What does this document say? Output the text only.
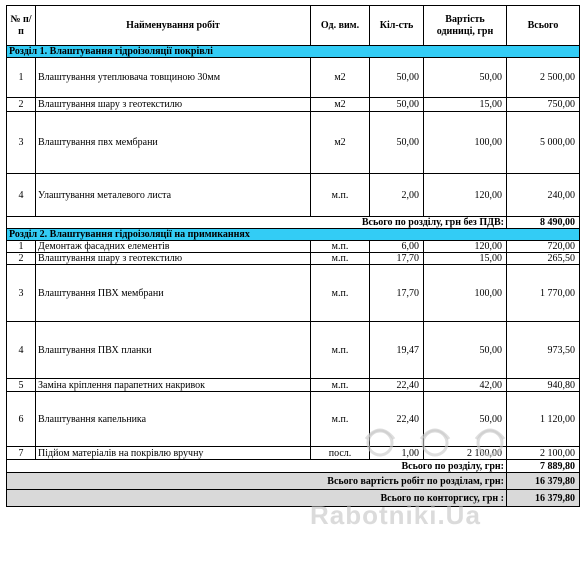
№ п/п	Найменування робіт	Од. вим.	Кіл-сть	Вартість одиниці, грн	Всього
Розділ 1. Влаштування гідроізоляції покрівлі					
1	Влаштування утеплювача товщиною 30мм	м2	50,00	50,00	2 500,00
2	Влаштування шару з геотекстилю	м2	50,00	15,00	750,00
3	Влаштування пвх мембрани	м2	50,00	100,00	5 000,00
4	Улаштування металевого листа	м.п.	2,00	120,00	240,00
Всього по розділу, грн без ПДВ:					8 490,00
Розділ 2. Влаштування гідроізоляції на примиканнях					
1	Демонтаж фасадних елементів	м.п.	6,00	120,00	720,00
2	Влаштування шару з геотекстилю	м.п.	17,70	15,00	265,50
3	Влаштування ПВХ мембрани	м.п.	17,70	100,00	1 770,00
4	Влаштування ПВХ планки	м.п.	19,47	50,00	973,50
5	Заміна кріплення парапетних накривок	м.п.	22,40	42,00	940,80
6	Влаштування капельника	м.п.	22,40	50,00	1 120,00
7	Підйом матеріалів на покрівлю вручну	посл.	1,00	2 100,00	2 100,00
Всього по розділу, грн:					7 889,80
Всього вартість робіт по розділам, грн:					16 379,80
Всього по конторгису, грн :					16 379,80
Rabotniki.Ua
